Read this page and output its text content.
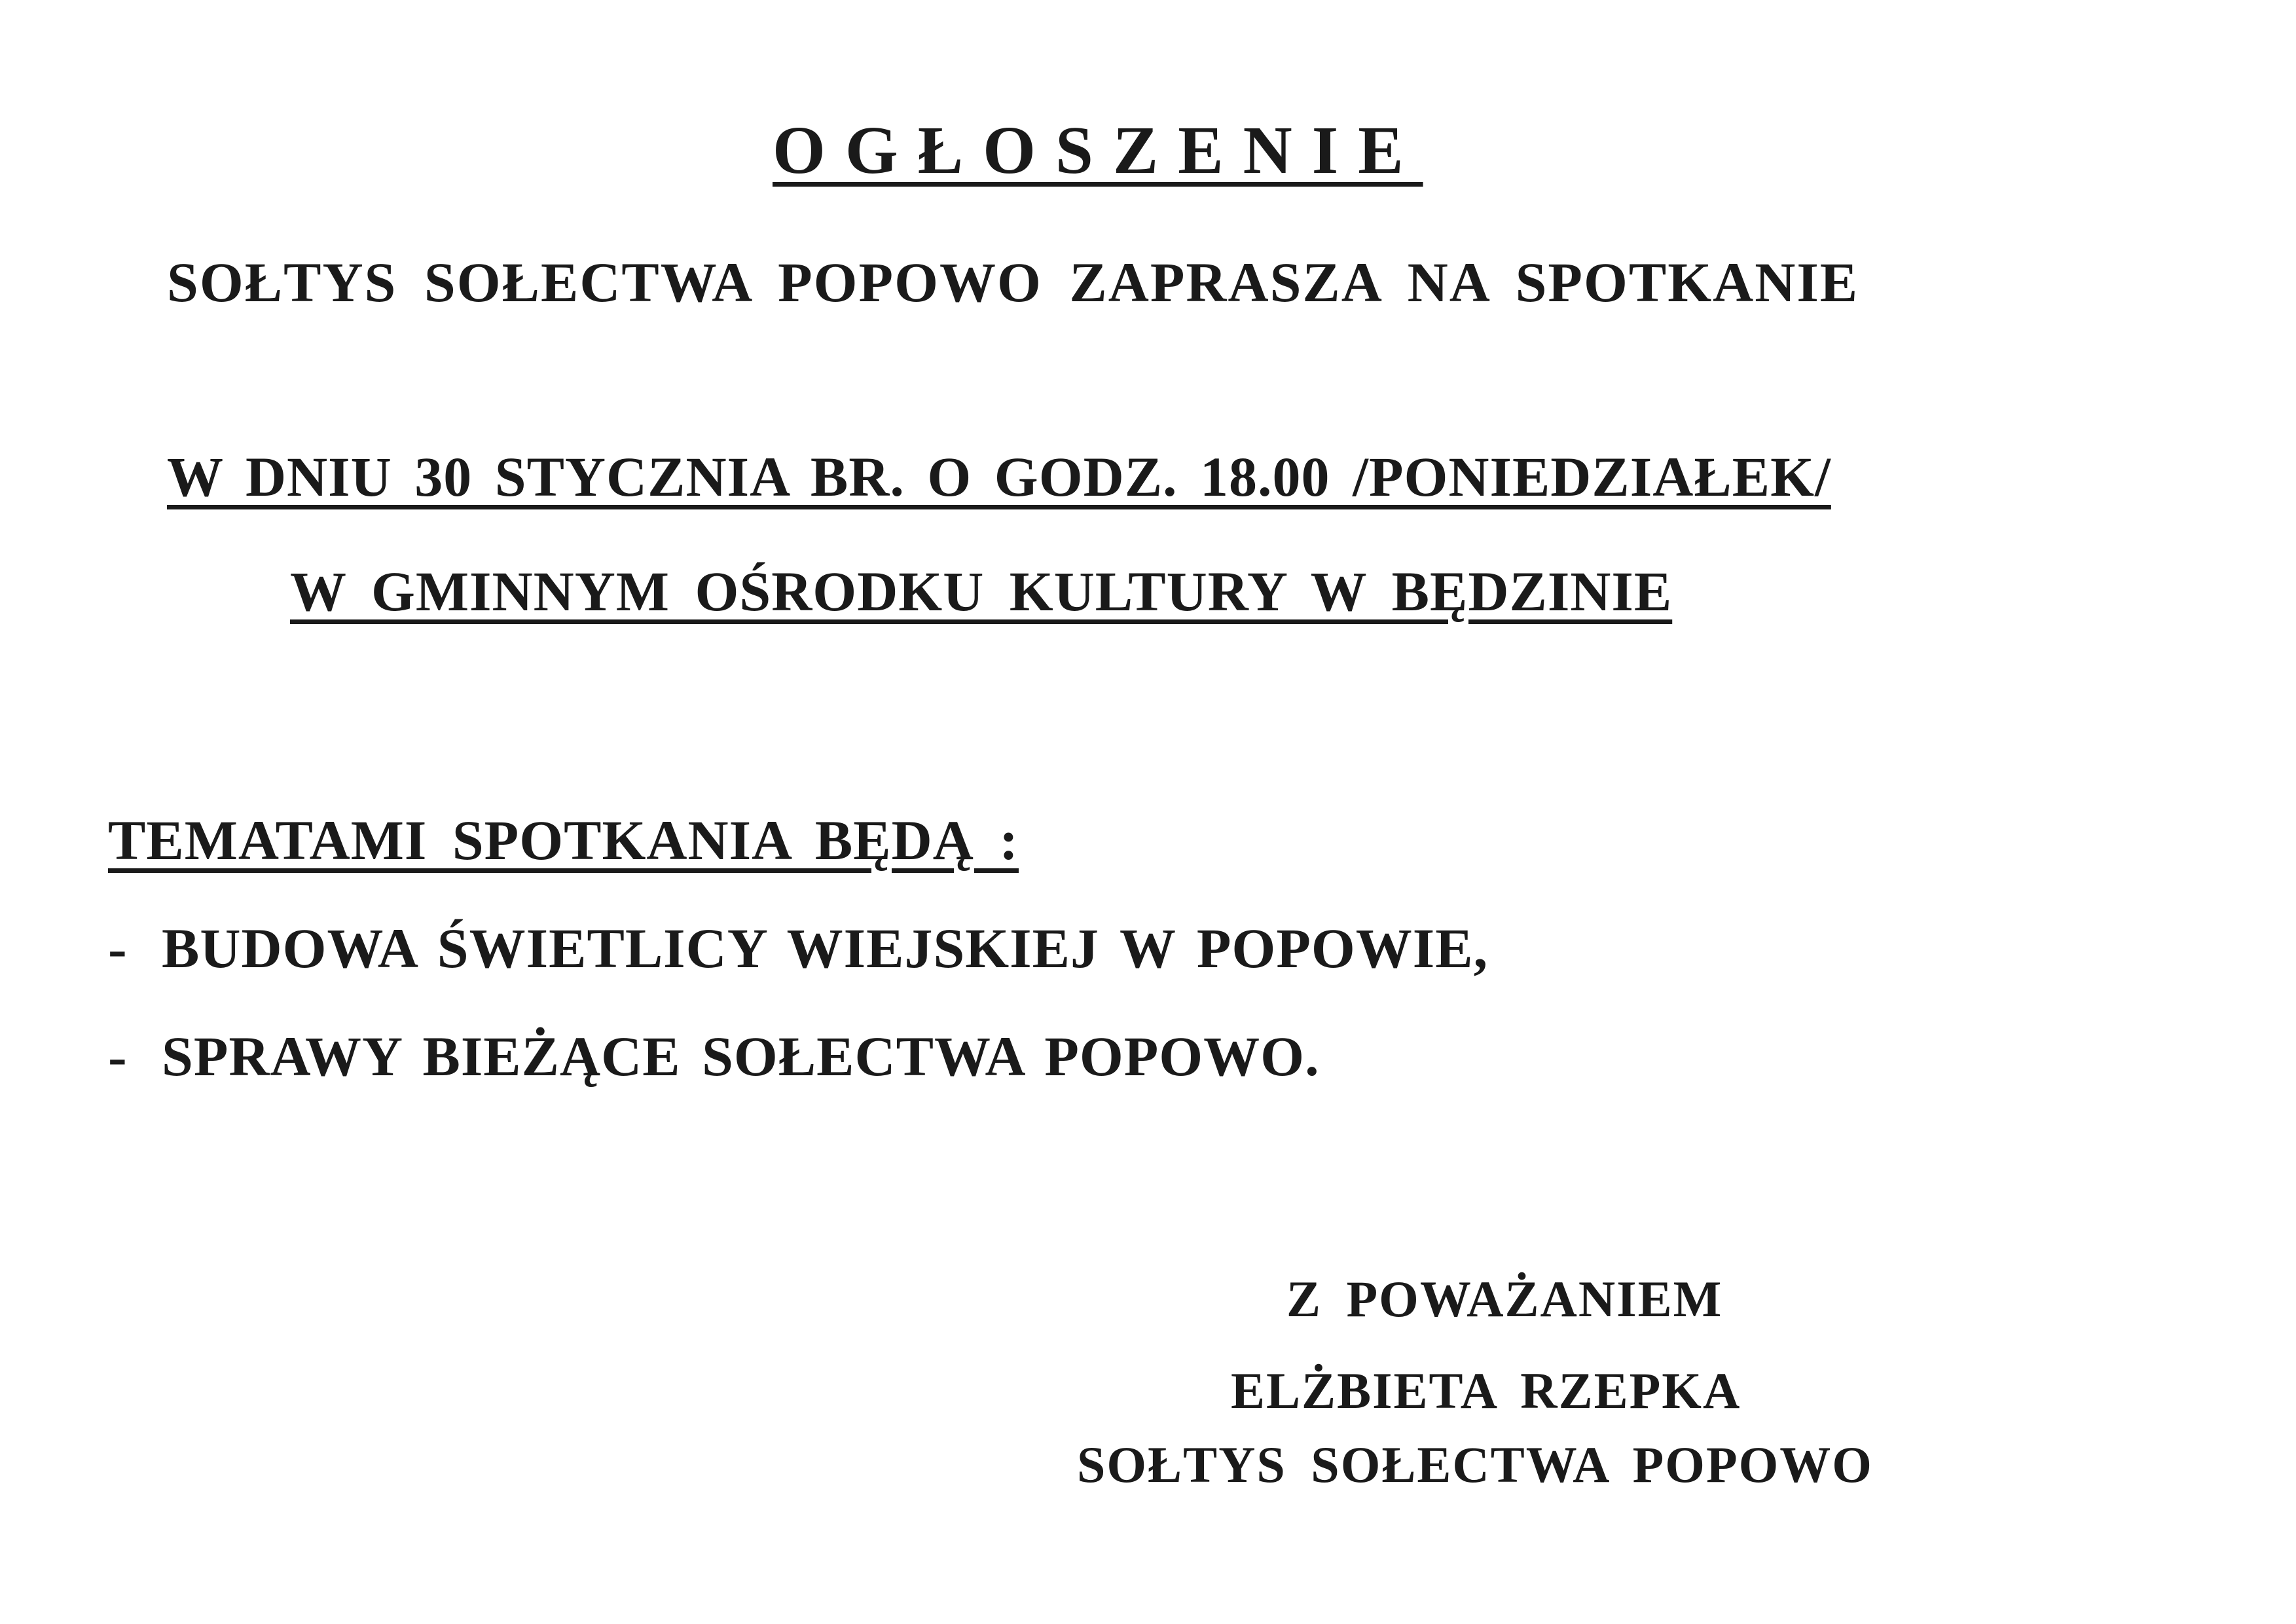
OGŁOSZENIE

SOŁTYS SOŁECTWA POPOWO ZAPRASZA NA SPOTKANIE

W DNIU 30 STYCZNIA BR. O GODZ. 18.00 /PONIEDZIAŁEK/

W GMINNYM OŚRODKU KULTURY W BĘDZINIE

TEMATAMI SPOTKANIA BĘDĄ :

- BUDOWA ŚWIETLICY WIEJSKIEJ W POPOWIE,

- SPRAWY BIEŻĄCE SOŁECTWA POPOWO.

Z POWAŻANIEM

ELŻBIETA RZEPKA

SOŁTYS SOŁECTWA POPOWO
